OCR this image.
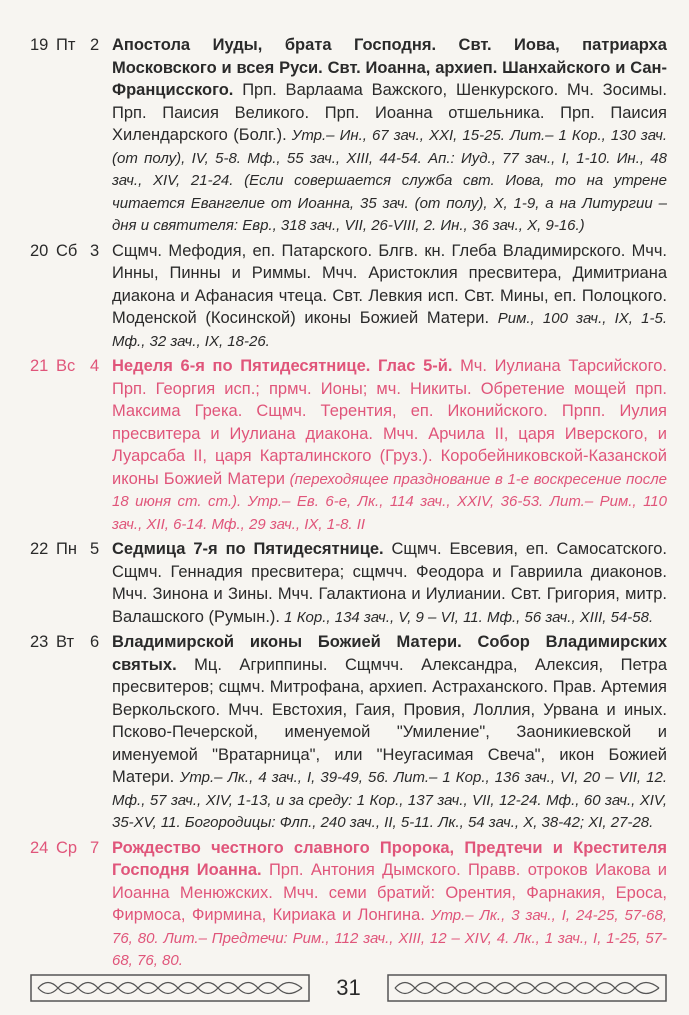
19 Пт 2 Апостола Иуды, брата Господня. Свт. Иова, патриарха Московского и всея Руси. Свт. Иоанна, архиеп. Шанхайского и Сан-Францисского. Прп. Варлаама Важского, Шенкурского. Мч. Зосимы. Прп. Паисия Великого. Прп. Иоанна отшельника. Прп. Паисия Хилендарского (Болг.). Утр.– Ин., 67 зач., XXI, 15-25. Лит.– 1 Кор., 130 зач. (от полу), IV, 5-8. Мф., 55 зач., XIII, 44-54. Ап.: Иуд., 77 зач., I, 1-10. Ин., 48 зач., XIV, 21-24. (Если совершается служба свт. Иова, то на утрене читается Евангелие от Иоанна, 35 зач. (от полу), X, 1-9, а на Литургии – дня и святителя: Евр., 318 зач., VII, 26-VIII, 2. Ин., 36 зач., X, 9-16.)
20 Сб 3 Сщмч. Мефодия, еп. Патарского. Блгв. кн. Глеба Владимирского. Мчч. Инны, Пинны и Риммы. Мчч. Аристоклия пресвитера, Димитриана диакона и Афанасия чтеца. Свт. Левкия исп. Свт. Мины, еп. Полоцкого. Моденской (Косинской) иконы Божией Матери. Рим., 100 зач., IX, 1-5. Мф., 32 зач., IX, 18-26.
21 Вс 4 Неделя 6-я по Пятидесятнице. Глас 5-й. Мч. Иулиана Тарсийского. Прп. Георгия исп.; прмч. Ионы; мч. Никиты. Обретение мощей прп. Максима Грека. Сщмч. Терентия, еп. Иконийского. Прпп. Иулия пресвитера и Иулиана диакона. Мчч. Арчила II, царя Иверского, и Луарсаба II, царя Карталинского (Груз.). Коробейниковской-Казанской иконы Божией Матери (переходящее празднование в 1-е воскресение после 18 июня ст. ст.). Утр.– Ев. 6-е, Лк., 114 зач., XXIV, 36-53. Лит.– Рим., 110 зач., XII, 6-14. Мф., 29 зач., IX, 1-8. II
22 Пн 5 Седмица 7-я по Пятидесятнице. Сщмч. Евсевия, еп. Самосатского. Сщмч. Геннадия пресвитера; сщмчч. Феодора и Гавриила диаконов. Мчч. Зинона и Зины. Мчч. Галактиона и Иулиании. Свт. Григория, митр. Валашского (Румын.). 1 Кор., 134 зач., V, 9 – VI, 11. Мф., 56 зач., XIII, 54-58.
23 Вт 6 Владимирской иконы Божией Матери. Собор Владимирских святых. Мц. Агриппины. Сщмчч. Александра, Алексия, Петра пресвитеров; сщмч. Митрофана, архиеп. Астраханского. Прав. Артемия Веркольского. Мчч. Евстохия, Гаия, Провия, Лоллия, Урвана и иных. Псково-Печерской, именуемой "Умиление", Заоникиевской и именуемой "Вратарница", или "Неугасимая Свеча", икон Божией Матери. Утр.– Лк., 4 зач., I, 39-49, 56. Лит.– 1 Кор., 136 зач., VI, 20 – VII, 12. Мф., 57 зач., XIV, 1-13, и за среду: 1 Кор., 137 зач., VII, 12-24. Мф., 60 зач., XIV, 35-XV, 11. Богородицы: Флп., 240 зач., II, 5-11. Лк., 54 зач., X, 38-42; XI, 27-28.
24 Ср 7 Рождество честного славного Пророка, Предтечи и Крестителя Господня Иоанна. Прп. Антония Дымского. Правв. отроков Иакова и Иоанна Менюжских. Мчч. семи братий: Орентия, Фарнакия, Ероса, Фирмоса, Фирмина, Кириака и Лонгина. Утр.– Лк., 3 зач., I, 24-25, 57-68, 76, 80. Лит.– Предтечи: Рим., 112 зач., XIII, 12 – XIV, 4. Лк., 1 зач., I, 1-25, 57-68, 76, 80.
31
